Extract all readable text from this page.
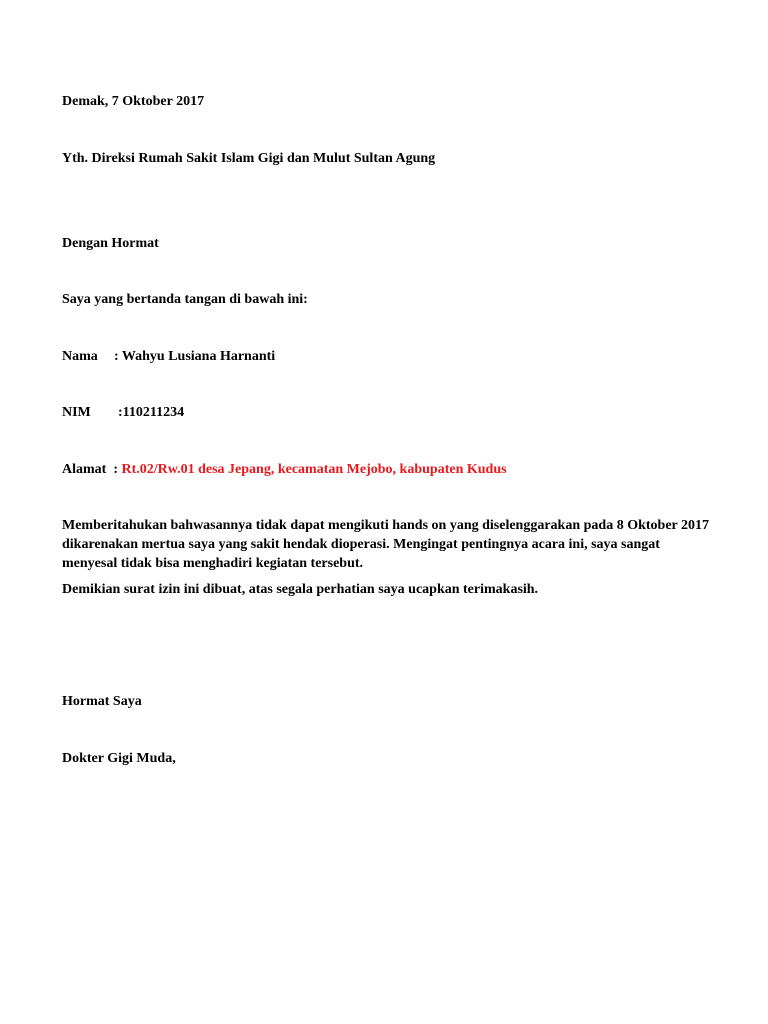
Demak, 7 Oktober 2017
Yth. Direksi Rumah Sakit Islam Gigi dan Mulut Sultan Agung
Dengan Hormat
Saya yang bertanda tangan di bawah ini:
Nama : Wahyu Lusiana Harnanti
NIM :110211234
Alamat : Rt.02/Rw.01 desa Jepang, kecamatan Mejobo, kabupaten Kudus
Memberitahukan bahwasannya tidak dapat mengikuti hands on yang diselenggarakan pada 8 Oktober 2017 dikarenakan mertua saya yang sakit hendak dioperasi. Mengingat pentingnya acara ini, saya sangat menyesal tidak bisa menghadiri kegiatan tersebut.
Demikian surat izin ini dibuat, atas segala perhatian saya ucapkan terimakasih.
Hormat Saya
Dokter Gigi Muda,
